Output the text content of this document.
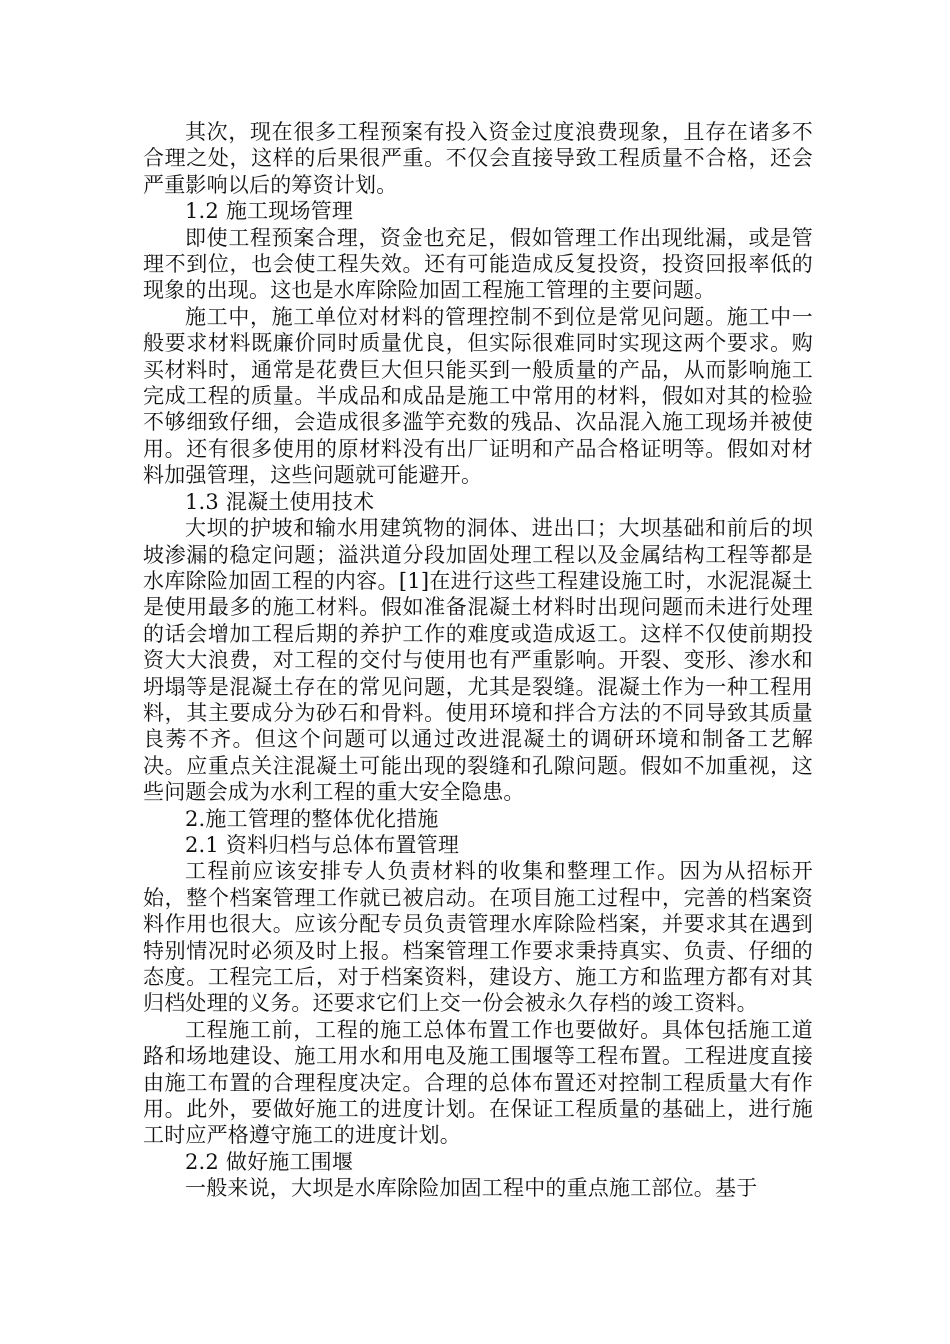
其次，现在很多工程预案有投入资金过度浪费现象，且存在诸多不合理之处，这样的后果很严重。不仅会直接导致工程质量不合格，还会严重影响以后的筹资计划。

1.2 施工现场管理

即使工程预案合理，资金也充足，假如管理工作出现纰漏，或是管理不到位，也会使工程失效。还有可能造成反复投资，投资回报率低的现象的出现。这也是水库除险加固工程施工管理的主要问题。

施工中，施工单位对材料的管理控制不到位是常见问题。施工中一般要求材料既廉价同时质量优良，但实际很难同时实现这两个要求。购买材料时，通常是花费巨大但只能买到一般质量的产品，从而影响施工完成工程的质量。半成品和成品是施工中常用的材料，假如对其的检验不够细致仔细，会造成很多滥竽充数的残品、次品混入施工现场并被使用。还有很多使用的原材料没有出厂证明和产品合格证明等。假如对材料加强管理，这些问题就可能避开。

1.3 混凝土使用技术

大坝的护坡和输水用建筑物的洞体、进出口；大坝基础和前后的坝坡渗漏的稳定问题；溢洪道分段加固处理工程以及金属结构工程等都是水库除险加固工程的内容。[1]在进行这些工程建设施工时，水泥混凝土是使用最多的施工材料。假如准备混凝土材料时出现问题而未进行处理的话会增加工程后期的养护工作的难度或造成返工。这样不仅使前期投资大大浪费，对工程的交付与使用也有严重影响。开裂、变形、渗水和坍塌等是混凝土存在的常见问题，尤其是裂缝。混凝土作为一种工程用料，其主要成分为砂石和骨料。使用环境和拌合方法的不同导致其质量良莠不齐。但这个问题可以通过改进混凝土的调研环境和制备工艺解决。应重点关注混凝土可能出现的裂缝和孔隙问题。假如不加重视，这些问题会成为水利工程的重大安全隐患。

2.施工管理的整体优化措施

2.1 资料归档与总体布置管理

工程前应该安排专人负责材料的收集和整理工作。因为从招标开始，整个档案管理工作就已被启动。在项目施工过程中，完善的档案资料作用也很大。应该分配专员负责管理水库除险档案，并要求其在遇到特别情况时必须及时上报。档案管理工作要求秉持真实、负责、仔细的态度。工程完工后，对于档案资料，建设方、施工方和监理方都有对其归档处理的义务。还要求它们上交一份会被永久存档的竣工资料。

工程施工前，工程的施工总体布置工作也要做好。具体包括施工道路和场地建设、施工用水和用电及施工围堰等工程布置。工程进度直接由施工布置的合理程度决定。合理的总体布置还对控制工程质量大有作用。此外，要做好施工的进度计划。在保证工程质量的基础上，进行施工时应严格遵守施工的进度计划。

2.2 做好施工围堰

一般来说，大坝是水库除险加固工程中的重点施工部位。基于
